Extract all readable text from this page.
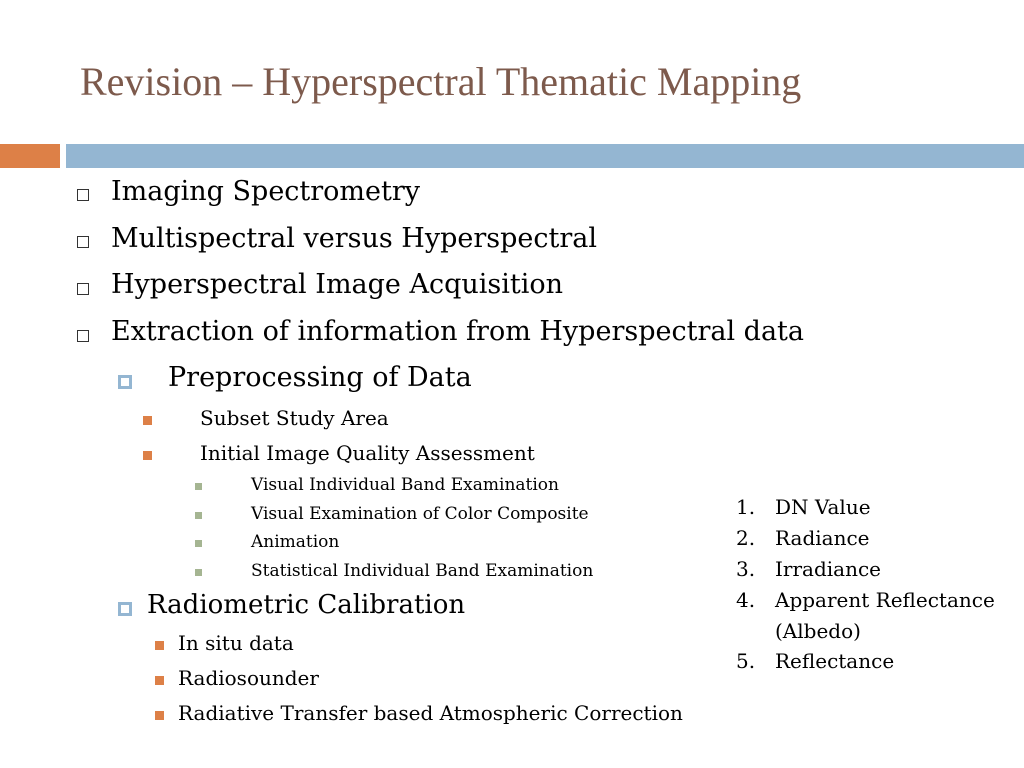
Revision – Hyperspectral Thematic Mapping
Imaging Spectrometry
Multispectral versus Hyperspectral
Hyperspectral Image Acquisition
Extraction of information from Hyperspectral data
Preprocessing of Data
Subset Study Area
Initial Image Quality Assessment
Visual Individual Band Examination
Visual Examination of Color Composite
Animation
Statistical Individual Band Examination
Radiometric Calibration
In situ data
Radiosounder
Radiative Transfer based Atmospheric Correction
1. DN Value
2. Radiance
3. Irradiance
4. Apparent Reflectance
(Albedo)
5. Reflectance
